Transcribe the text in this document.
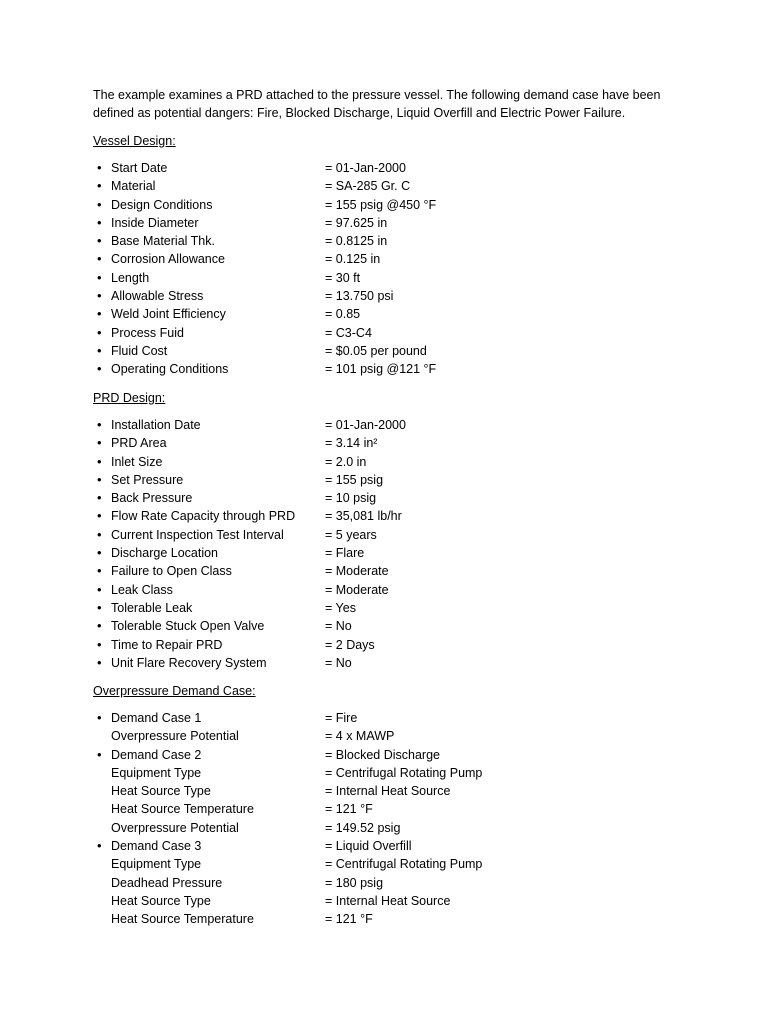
The example examines a PRD attached to the pressure vessel. The following demand case have been defined as potential dangers: Fire, Blocked Discharge, Liquid Overfill and Electric Power Failure.

Vessel Design:

• Start Date	= 01-Jan-2000
• Material	= SA-285 Gr. C
• Design Conditions	= 155 psig @450 °F
• Inside Diameter	= 97.625 in
• Base Material Thk.	= 0.8125 in
• Corrosion Allowance	= 0.125 in
• Length	= 30 ft
• Allowable Stress	= 13.750 psi
• Weld Joint Efficiency	= 0.85
• Process Fuid	= C3-C4
• Fluid Cost	= $0.05 per pound
• Operating Conditions	= 101 psig @121 °F

PRD Design:

• Installation Date	= 01-Jan-2000
• PRD Area	= 3.14 in²
• Inlet Size	= 2.0 in
• Set Pressure	= 155 psig
• Back Pressure	= 10 psig
• Flow Rate Capacity through PRD = 35,081 lb/hr
• Current Inspection Test Interval	= 5 years
• Discharge Location	= Flare
• Failure to Open Class	= Moderate
• Leak Class	= Moderate
• Tolerable Leak	= Yes
• Tolerable Stuck Open Valve	= No
• Time to Repair PRD	= 2 Days
• Unit Flare Recovery System	= No

Overpressure Demand Case:

• Demand Case 1	= Fire
Overpressure Potential	= 4 x MAWP
• Demand Case 2	= Blocked Discharge
Equipment Type	= Centrifugal Rotating Pump
Heat Source Type	= Internal Heat Source
Heat Source Temperature	= 121 °F
Overpressure Potential	= 149.52 psig
• Demand Case 3	= Liquid Overfill
Equipment Type	= Centrifugal Rotating Pump
Deadhead Pressure	= 180 psig
Heat Source Type	= Internal Heat Source
Heat Source Temperature	= 121 °F
